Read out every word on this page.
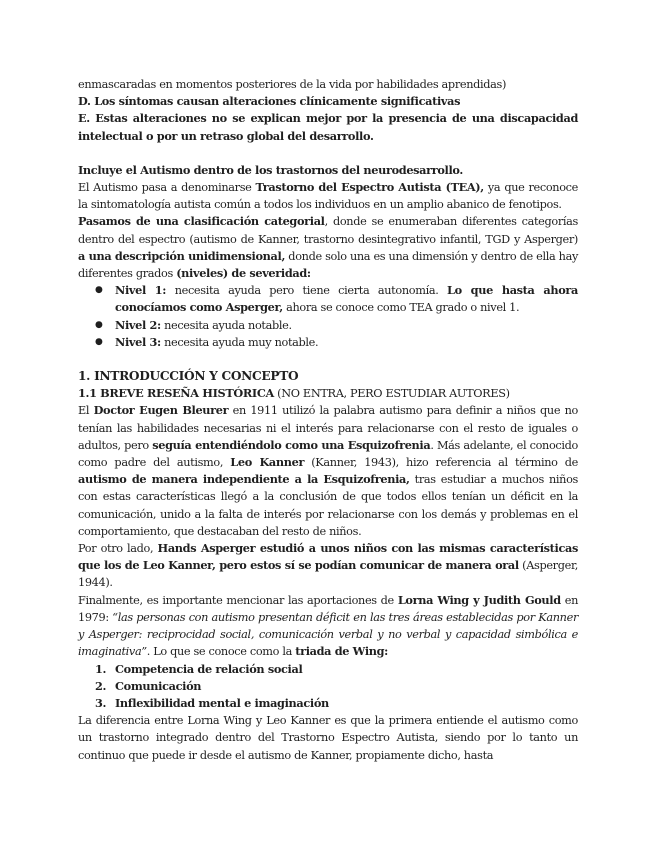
enmascaradas en momentos posteriores de la vida por habilidades aprendidas)

D. Los síntomas causan alteraciones clínicamente significativas

E. Estas alteraciones no se explican mejor por la presencia de una discapacidad intelectual o por un retraso global del desarrollo.

Incluye el Autismo dentro de los trastornos del neurodesarrollo.

El Autismo pasa a denominarse Trastorno del Espectro Autista (TEA), ya que reconoce la sintomatología autista común a todos los individuos en un amplio abanico de fenotipos.

Pasamos de una clasificación categorial, donde se enumeraban diferentes categorías dentro del espectro (autismo de Kanner, trastorno desintegrativo infantil, TGD y Asperger) a una descripción unidimensional, donde solo una es una dimensión y dentro de ella hay diferentes grados (niveles) de severidad:

● Nivel 1: necesita ayuda pero tiene cierta autonomía. Lo que hasta ahora conocíamos como Asperger, ahora se conoce como TEA grado o nivel 1.
● Nivel 2: necesita ayuda notable.
● Nivel 3: necesita ayuda muy notable.

1. INTRODUCCIÓN Y CONCEPTO

1.1 BREVE RESEÑA HISTÓRICA (NO ENTRA, PERO ESTUDIAR AUTORES)

El Doctor Eugen Bleurer en 1911 utilizó la palabra autismo para definir a niños que no tenían las habilidades necesarias ni el interés para relacionarse con el resto de iguales o adultos, pero seguía entendiéndolo como una Esquizofrenia. Más adelante, el conocido como padre del autismo, Leo Kanner (Kanner, 1943), hizo referencia al término de autismo de manera independiente a la Esquizofrenia, tras estudiar a muchos niños con estas características llegó a la conclusión de que todos ellos tenían un déficit en la comunicación, unido a la falta de interés por relacionarse con los demás y problemas en el comportamiento, que destacaban del resto de niños.

Por otro lado, Hands Asperger estudió a unos niños con las mismas características que los de Leo Kanner, pero estos sí se podían comunicar de manera oral (Asperger, 1944).

Finalmente, es importante mencionar las aportaciones de Lorna Wing y Judith Gould en 1979: “las personas con autismo presentan déficit en las tres áreas establecidas por Kanner y Asperger: reciprocidad social, comunicación verbal y no verbal y capacidad simbólica e imaginativa”. Lo que se conoce como la triada de Wing:

1. Competencia de relación social
2. Comunicación
3. Inflexibilidad mental e imaginación

La diferencia entre Lorna Wing y Leo Kanner es que la primera entiende el autismo como un trastorno integrado dentro del Trastorno Espectro Autista, siendo por lo tanto un continuo que puede ir desde el autismo de Kanner, propiamente dicho, hasta
